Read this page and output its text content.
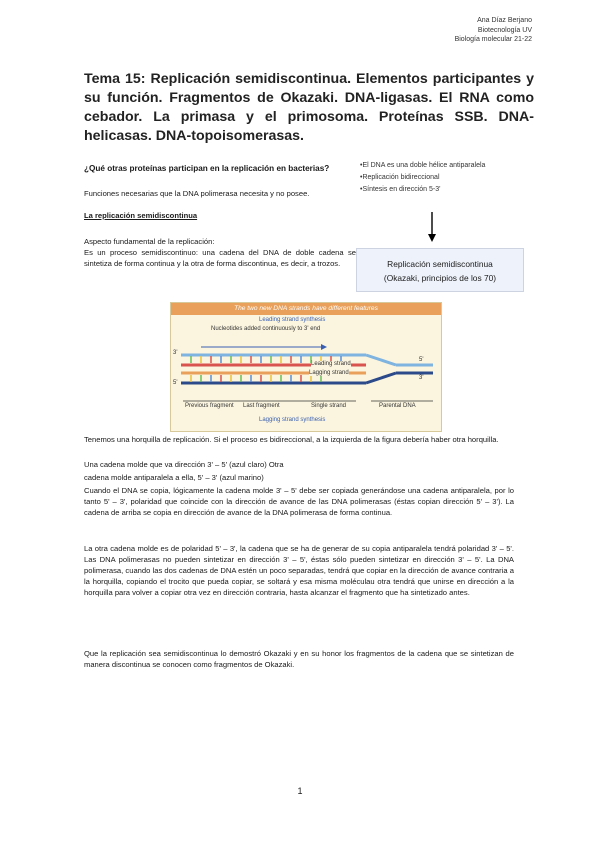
Ana Díaz Berjano
Biotecnología UV
Biología molecular 21-22
Tema 15: Replicación semidiscontinua. Elementos participantes y su función. Fragmentos de Okazaki. DNA-ligasas. El RNA como cebador. La primasa y el primosoma. Proteínas SSB. DNA-helicasas. DNA-topoisomerasas.
¿Qué otras proteínas participan en la replicación en bacterias?
Funciones necesarias que la DNA polimerasa necesita y no posee.
La replicación semidiscontinua
Aspecto fundamental de la replicación:
Es un proceso semidiscontinuo: una cadena del DNA de doble cadena se sintetiza de forma continua y la otra de forma discontinua, es decir, a trozos.
• El DNA es una doble hélice antiparalela
• Replicación bidireccional
• Síntesis en dirección 5-3'
Replicación semidiscontinua
(Okazaki, principios de los 70)
The two new DNA strands have different features
Leading strand synthesis
Nucleotides added continuously to 3' end
3'
5'
5'
3'
Leading strand
Lagging strand
Previous fragment Last fragment	Single strand	Parental DNA
Lagging strand synthesis
Tenemos una horquilla de replicación. Si el proceso es bidireccional, a la izquierda de la figura debería haber otra horquilla.
Una cadena molde que va dirección 3' – 5' (azul claro) Otra
cadena molde antiparalela a ella, 5' – 3' (azul marino)
Cuando el DNA se copia, lógicamente la cadena molde 3' – 5' debe ser copiada generándose una cadena antiparalela, por lo tanto 5' – 3', polaridad que coincide con la dirección de avance de las DNA polimerasas (éstas copian dirección 5' – 3'). La cadena de arriba se copia en dirección de avance de la DNA polimerasa de forma continua.
La otra cadena molde es de polaridad 5' – 3', la cadena que se ha de generar de su copia antiparalela tendrá polaridad 3' – 5'. Las DNA polimerasas no pueden sintetizar en dirección 3' – 5', éstas sólo pueden sintetizar en dirección 3' – 5'. La DNA polimerasa, cuando las dos cadenas de DNA estén un poco separadas, tendrá que copiar en la dirección de avance contraria a la horquilla, copiando el trocito que pueda copiar, se soltará y esa misma moléculau otra tendrá que unirse en dirección a la horquilla para volver a copiar otra vez en dirección contraria, hasta alcanzar el fragmento que ha sintetizado antes.
Que la replicación sea semidiscontinua lo demostró Okazaki y en su honor los fragmentos de la cadena que se sintetizan de manera discontinua se conocen como fragmentos de Okazaki.
1
